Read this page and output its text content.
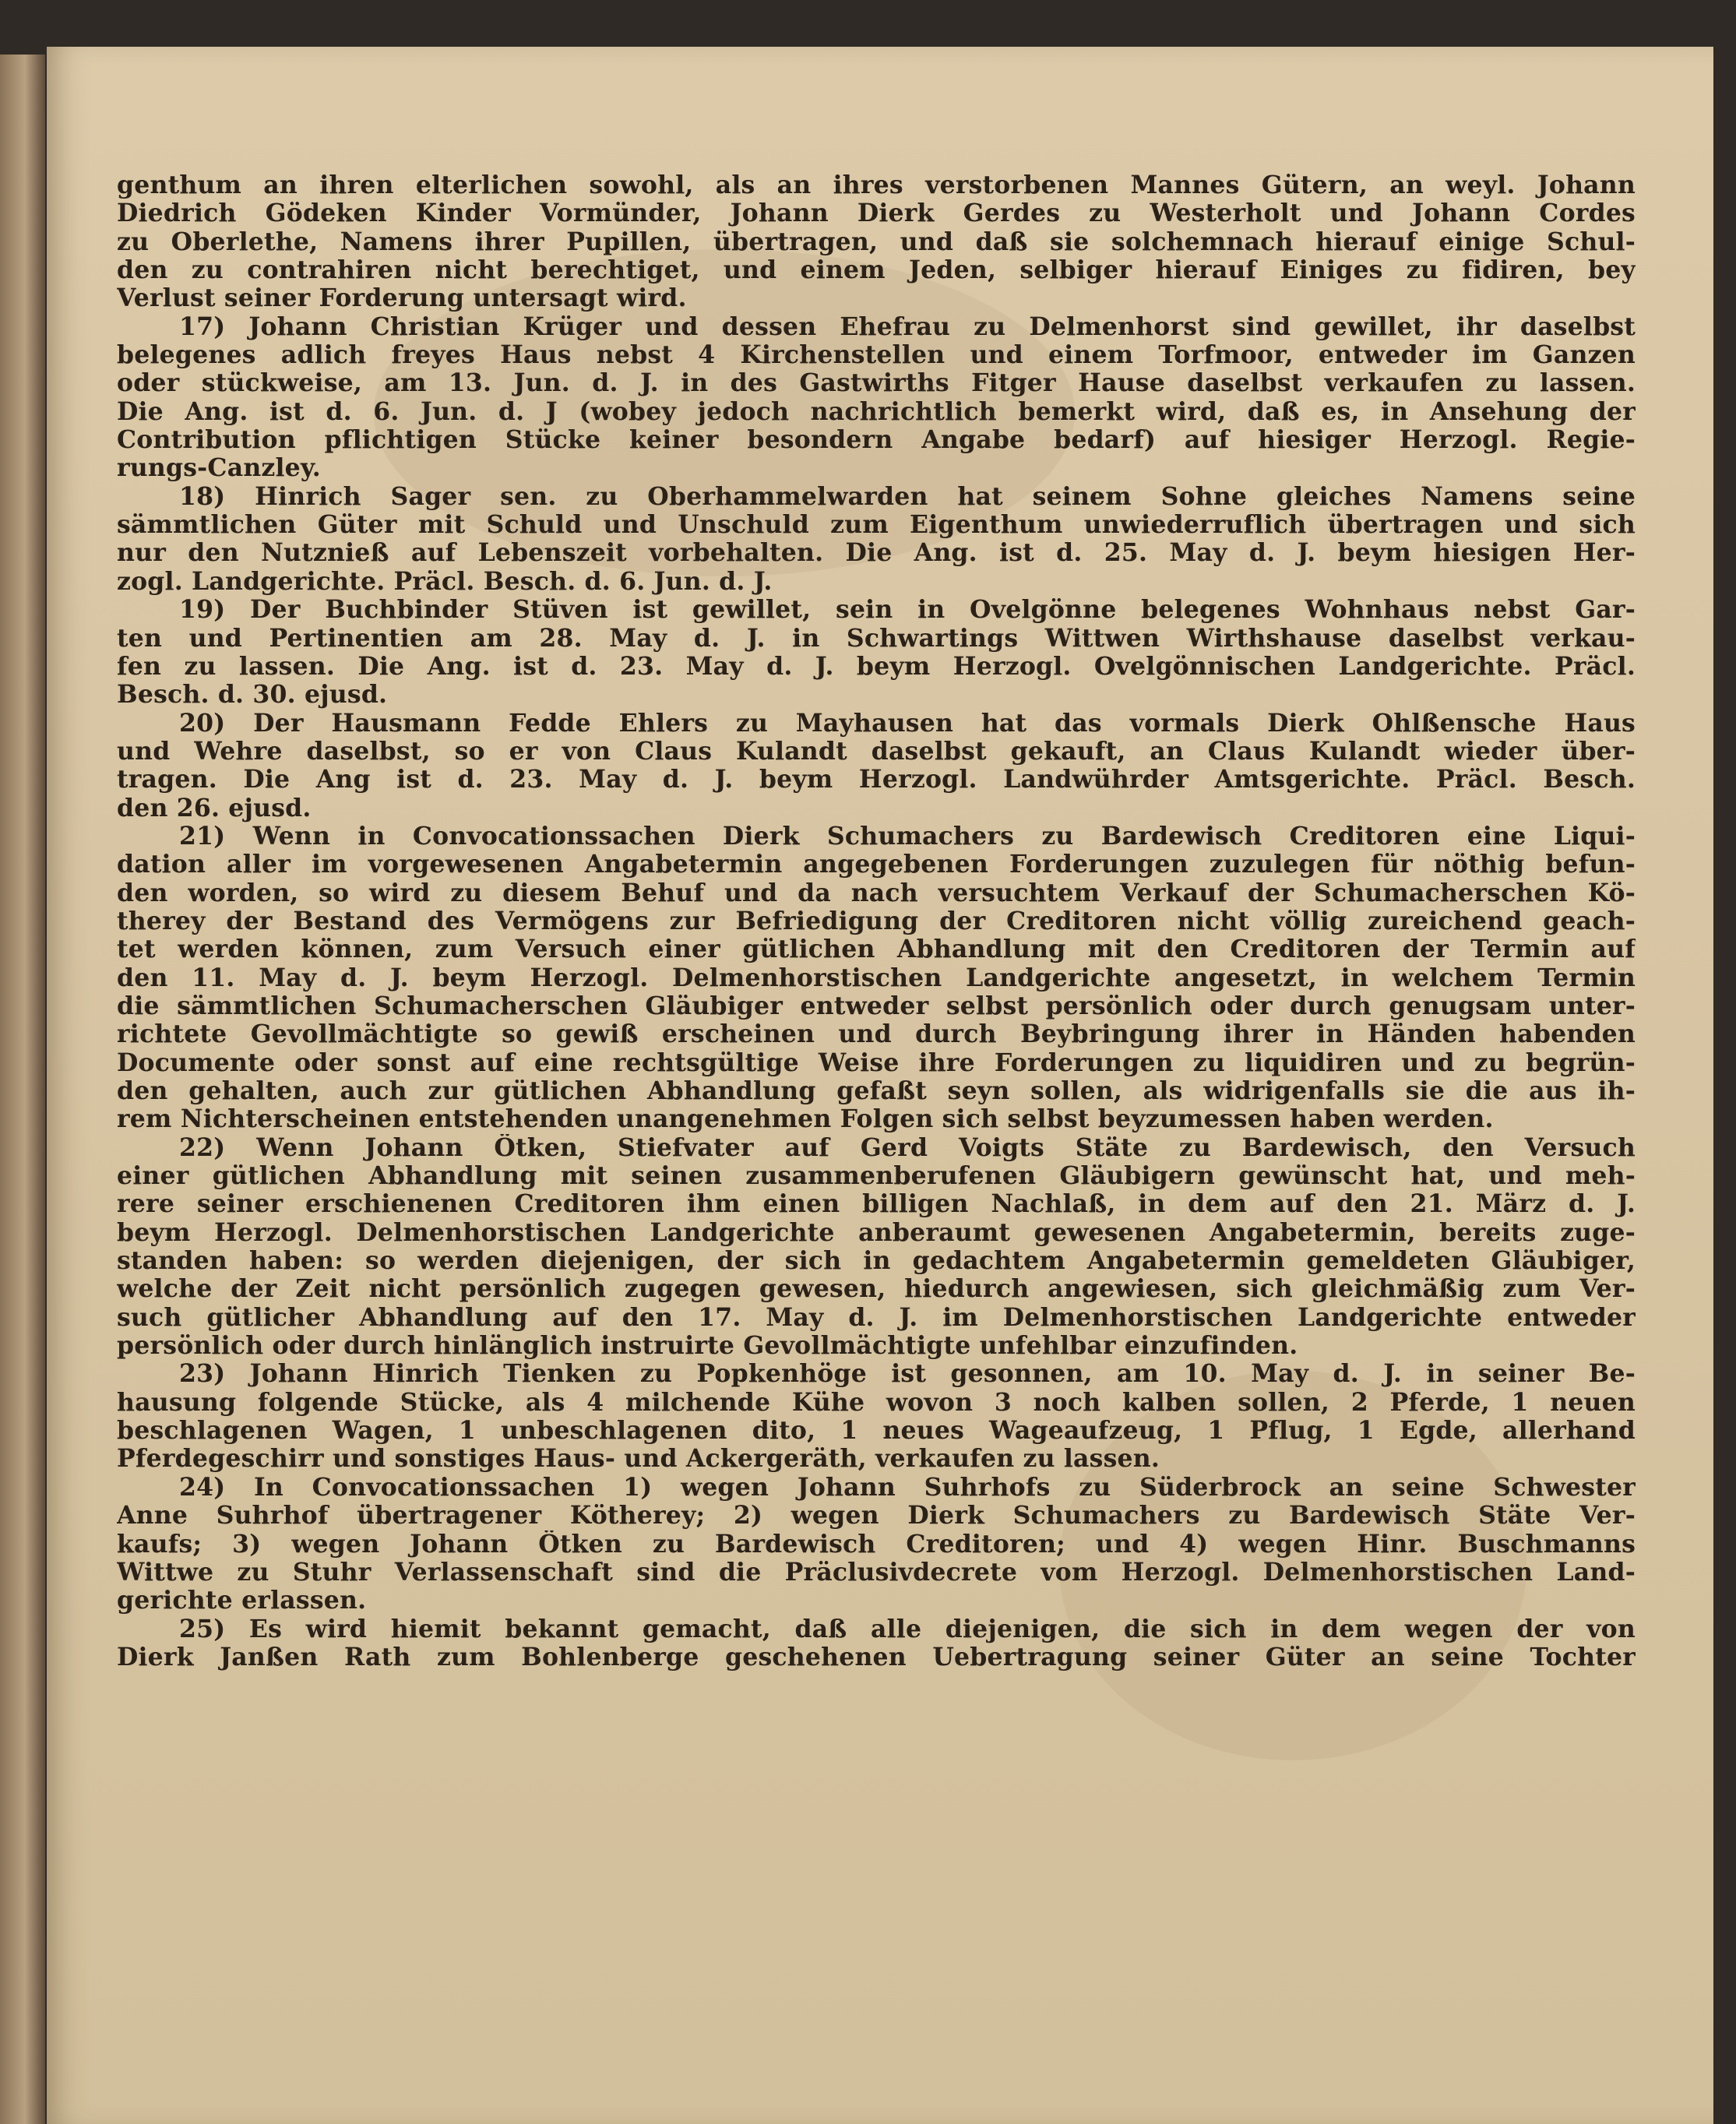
genthum an ihren elterlichen sowohl, als an ihres verstorbenen Mannes Gütern, an weyl. Johann
Diedrich Gödeken Kinder Vormünder, Johann Dierk Gerdes zu Westerholt und Johann Cordes
zu Oberlethe, Namens ihrer Pupillen, übertragen, und daß sie solchemnach hierauf einige Schul-
den zu contrahiren nicht berechtiget, und einem Jeden, selbiger hierauf Einiges zu fidiren, bey
Verlust seiner Forderung untersagt wird.
17) Johann Christian Krüger und dessen Ehefrau zu Delmenhorst sind gewillet, ihr daselbst
belegenes adlich freyes Haus nebst 4 Kirchenstellen und einem Torfmoor, entweder im Ganzen
oder stückweise, am 13. Jun. d. J. in des Gastwirths Fitger Hause daselbst verkaufen zu lassen.
Die Ang. ist d. 6. Jun. d. J (wobey jedoch nachrichtlich bemerkt wird, daß es, in Ansehung der
Contribution pflichtigen Stücke keiner besondern Angabe bedarf) auf hiesiger Herzogl. Regie-
rungs-Canzley.
18) Hinrich Sager sen. zu Oberhammelwarden hat seinem Sohne gleiches Namens seine
sämmtlichen Güter mit Schuld und Unschuld zum Eigenthum unwiederruflich übertragen und sich
nur den Nutznieß auf Lebenszeit vorbehalten. Die Ang. ist d. 25. May d. J. beym hiesigen Her-
zogl. Landgerichte. Präcl. Besch. d. 6. Jun. d. J.
19) Der Buchbinder Stüven ist gewillet, sein in Ovelgönne belegenes Wohnhaus nebst Gar-
ten und Pertinentien am 28. May d. J. in Schwartings Wittwen Wirthshause daselbst verkau-
fen zu lassen. Die Ang. ist d. 23. May d. J. beym Herzogl. Ovelgönnischen Landgerichte. Präcl.
Besch. d. 30. ejusd.
20) Der Hausmann Fedde Ehlers zu Mayhausen hat das vormals Dierk Ohlßensche Haus
und Wehre daselbst, so er von Claus Kulandt daselbst gekauft, an Claus Kulandt wieder über-
tragen. Die Ang ist d. 23. May d. J. beym Herzogl. Landwührder Amtsgerichte. Präcl. Besch.
den 26. ejusd.
21) Wenn in Convocationssachen Dierk Schumachers zu Bardewisch Creditoren eine Liqui-
dation aller im vorgewesenen Angabetermin angegebenen Forderungen zuzulegen für nöthig befun-
den worden, so wird zu diesem Behuf und da nach versuchtem Verkauf der Schumacherschen Kö-
therey der Bestand des Vermögens zur Befriedigung der Creditoren nicht völlig zureichend geach-
tet werden können, zum Versuch einer gütlichen Abhandlung mit den Creditoren der Termin auf
den 11. May d. J. beym Herzogl. Delmenhorstischen Landgerichte angesetzt, in welchem Termin
die sämmtlichen Schumacherschen Gläubiger entweder selbst persönlich oder durch genugsam unter-
richtete Gevollmächtigte so gewiß erscheinen und durch Beybringung ihrer in Händen habenden
Documente oder sonst auf eine rechtsgültige Weise ihre Forderungen zu liquidiren und zu begrün-
den gehalten, auch zur gütlichen Abhandlung gefaßt seyn sollen, als widrigenfalls sie die aus ih-
rem Nichterscheinen entstehenden unangenehmen Folgen sich selbst beyzumessen haben werden.
22) Wenn Johann Ötken, Stiefvater auf Gerd Voigts Stäte zu Bardewisch, den Versuch
einer gütlichen Abhandlung mit seinen zusammenberufenen Gläubigern gewünscht hat, und meh-
rere seiner erschienenen Creditoren ihm einen billigen Nachlaß, in dem auf den 21. März d. J.
beym Herzogl. Delmenhorstischen Landgerichte anberaumt gewesenen Angabetermin, bereits zuge-
standen haben: so werden diejenigen, der sich in gedachtem Angabetermin gemeldeten Gläubiger,
welche der Zeit nicht persönlich zugegen gewesen, hiedurch angewiesen, sich gleichmäßig zum Ver-
such gütlicher Abhandlung auf den 17. May d. J. im Delmenhorstischen Landgerichte entweder
persönlich oder durch hinlänglich instruirte Gevollmächtigte unfehlbar einzufinden.
23) Johann Hinrich Tienken zu Popkenhöge ist gesonnen, am 10. May d. J. in seiner Be-
hausung folgende Stücke, als 4 milchende Kühe wovon 3 noch kalben sollen, 2 Pferde, 1 neuen
beschlagenen Wagen, 1 unbeschlagenen dito, 1 neues Wageaufzeug, 1 Pflug, 1 Egde, allerhand
Pferdegeschirr und sonstiges Haus- und Ackergeräth, verkaufen zu lassen.
24) In Convocationssachen 1) wegen Johann Suhrhofs zu Süderbrock an seine Schwester
Anne Suhrhof übertragener Kötherey; 2) wegen Dierk Schumachers zu Bardewisch Stäte Ver-
kaufs; 3) wegen Johann Ötken zu Bardewisch Creditoren; und 4) wegen Hinr. Buschmanns
Wittwe zu Stuhr Verlassenschaft sind die Präclusivdecrete vom Herzogl. Delmenhorstischen Land-
gerichte erlassen.
25) Es wird hiemit bekannt gemacht, daß alle diejenigen, die sich in dem wegen der von
Dierk Janßen Rath zum Bohlenberge geschehenen Uebertragung seiner Güter an seine Tochter
